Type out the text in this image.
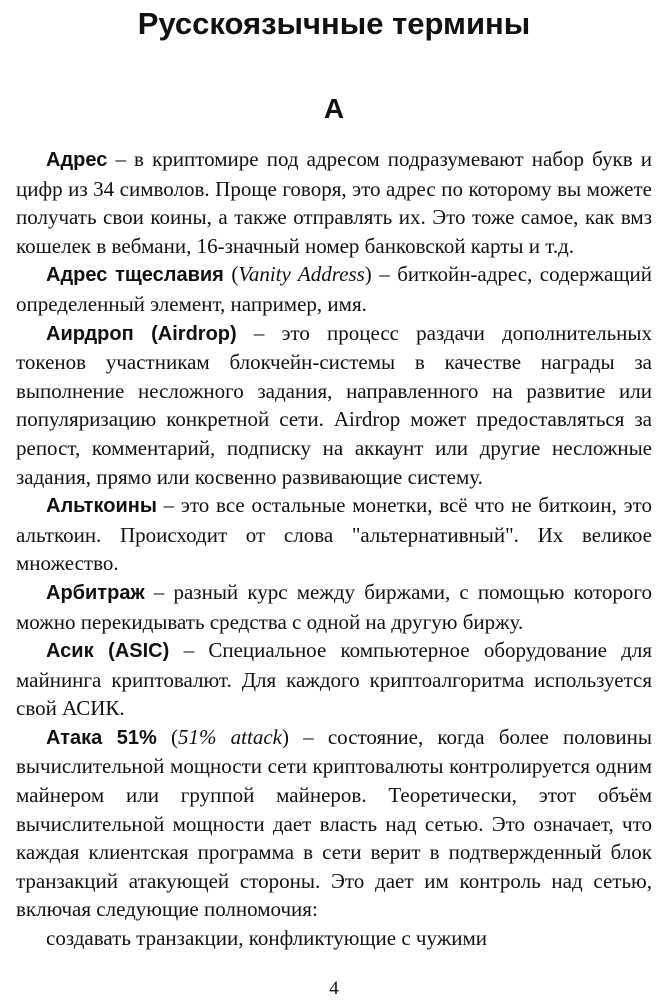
Русскоязычные термины
А

Адрес – в криптомире под адресом подразумевают набор букв и цифр из 34 символов. Проще говоря, это адрес по которому вы можете получать свои коины, а также отправлять их. Это тоже самое, как вмз кошелек в вебмани, 16-значный номер банковской карты и т.д.

Адрес тщеславия (Vanity Address) – биткойн-адрес, содержащий определенный элемент, например, имя.

Аирдроп (Airdrop) – это процесс раздачи дополнительных токенов участникам блокчейн-системы в качестве награды за выполнение несложного задания, направленного на развитие или популяризацию конкретной сети. Airdrop может предоставляться за репост, комментарий, подписку на аккаунт или другие несложные задания, прямо или косвенно развивающие систему.

Альткоины – это все остальные монетки, всё что не биткоин, это альткоин. Происходит от слова "альтернативный". Их великое множество.

Арбитраж – разный курс между биржами, с помощью которого можно перекидывать средства с одной на другую биржу.

Асик (ASIC) – Специальное компьютерное оборудование для майнинга криптовалют. Для каждого криптоалгоритма используется свой АСИК.

Атака 51% (51% attack) – состояние, когда более половины вычислительной мощности сети криптовалюты контролируется одним майнером или группой майнеров. Теоретически, этот объём вычислительной мощности дает власть над сетью. Это означает, что каждая клиентская программа в сети верит в подтвержденный блок транзакций атакующей стороны. Это дает им контроль над сетью, включая следующие полномочия:

создавать транзакции, конфликтующие с чужими

4
